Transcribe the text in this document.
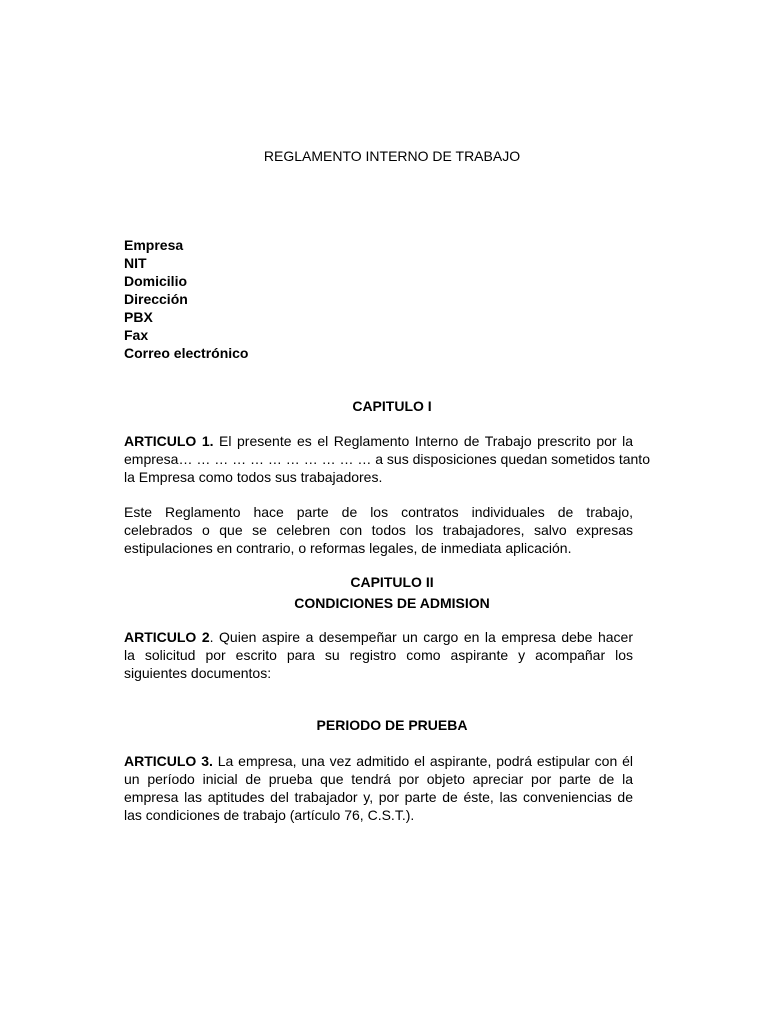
REGLAMENTO INTERNO DE TRABAJO
Empresa
NIT
Domicilio
Dirección
PBX
Fax
Correo electrónico
CAPITULO I
ARTICULO 1. El presente es el Reglamento Interno de Trabajo prescrito por la
empresa… … … … … … … … … … … a sus disposiciones quedan sometidos tanto
la Empresa como todos sus trabajadores.
Este Reglamento hace parte de los contratos individuales de trabajo,
celebrados o que se celebren con todos los trabajadores, salvo expresas
estipulaciones en contrario, o reformas legales, de inmediata aplicación.
CAPITULO II
CONDICIONES DE ADMISION
ARTICULO 2. Quien aspire a desempeñar un cargo en la empresa debe hacer
la solicitud por escrito para su registro como aspirante y acompañar los
siguientes documentos:
PERIODO DE PRUEBA
ARTICULO 3. La empresa, una vez admitido el aspirante, podrá estipular con él
un período inicial de prueba que tendrá por objeto apreciar por parte de la
empresa las aptitudes del trabajador y, por parte de éste, las conveniencias de
las condiciones de trabajo (artículo 76, C.S.T.).
